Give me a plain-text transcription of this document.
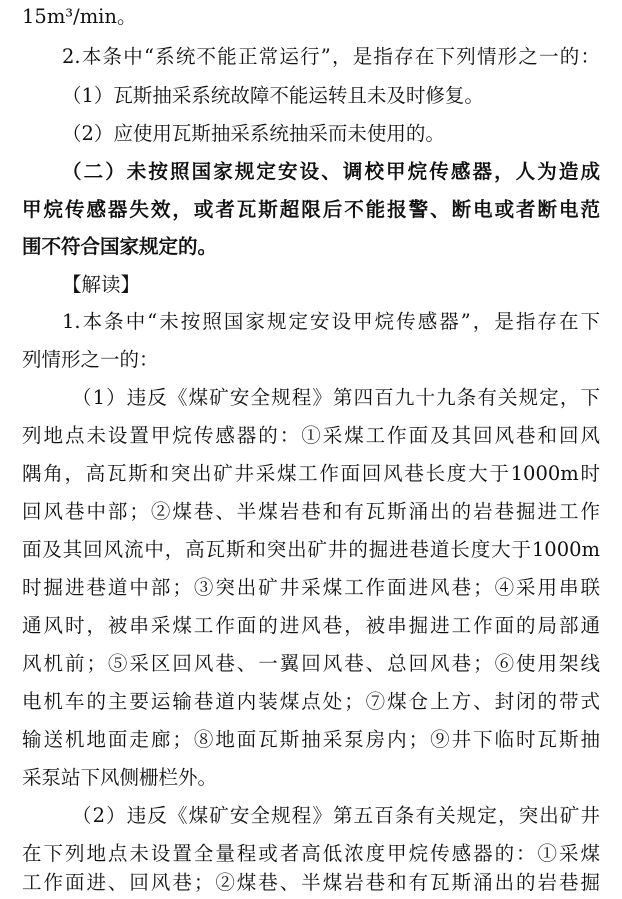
15m³/min。
2.本条中“系统不能正常运行”，是指存在下列情形之一的：
（1）瓦斯抽采系统故障不能运转且未及时修复。
（2）应使用瓦斯抽采系统抽采而未使用的。
（二）未按照国家规定安设、调校甲烷传感器，人为造成
甲烷传感器失效，或者瓦斯超限后不能报警、断电或者断电范
围不符合国家规定的。
【解读】
1.本条中“未按照国家规定安设甲烷传感器”，是指存在下
列情形之一的：
（1）违反《煤矿安全规程》第四百九十九条有关规定，下
列地点未设置甲烷传感器的：①采煤工作面及其回风巷和回风
隅角，高瓦斯和突出矿井采煤工作面回风巷长度大于1000m时
回风巷中部；②煤巷、半煤岩巷和有瓦斯涌出的岩巷掘进工作
面及其回风流中，高瓦斯和突出矿井的掘进巷道长度大于1000m
时掘进巷道中部；③突出矿井采煤工作面进风巷；④采用串联
通风时，被串采煤工作面的进风巷，被串掘进工作面的局部通
风机前；⑤采区回风巷、一翼回风巷、总回风巷；⑥使用架线
电机车的主要运输巷道内装煤点处；⑦煤仓上方、封闭的带式
输送机地面走廊；⑧地面瓦斯抽采泵房内；⑨井下临时瓦斯抽
采泵站下风侧栅栏外。
（2）违反《煤矿安全规程》第五百条有关规定，突出矿井
在下列地点未设置全量程或者高低浓度甲烷传感器的：①采煤
工作面进、回风巷；②煤巷、半煤岩巷和有瓦斯涌出的岩巷掘
